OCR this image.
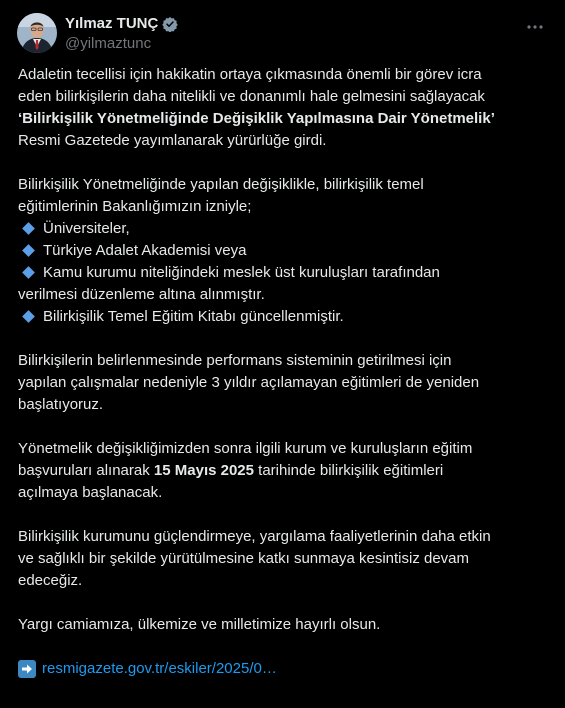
Yılmaz TUNÇ
@yilmaztunc

Adaletin tecellisi için hakikatin ortaya çıkmasında önemli bir görev icra

eden bilirkişilerin daha nitelikli ve donanımlı hale gelmesini sağlayacak

‘Bilirkişilik Yönetmeliğinde Değişiklik Yapılmasına Dair Yönetmelik’

Resmi Gazetede yayımlanarak yürürlüğe girdi.

Bilirkişilik Yönetmeliğinde yapılan değişiklikle, bilirkişilik temel

eğitimlerinin Bakanlığımızın izniyle;

Üniversiteler,
Türkiye Adalet Akademisi veya
Kamu kurumu niteliğindeki meslek üst kuruluşları tarafından

verilmesi düzenleme altına alınmıştır.

Bilirkişilik Temel Eğitim Kitabı güncellenmiştir.

Bilirkişilerin belirlenmesinde performans sisteminin getirilmesi için

yapılan çalışmalar nedeniyle 3 yıldır açılamayan eğitimleri de yeniden

başlatıyoruz.

Yönetmelik değişikliğimizden sonra ilgili kurum ve kuruluşların eğitim

başvuruları alınarak 15 Mayıs 2025 tarihinde bilirkişilik eğitimleri

açılmaya başlanacak.

Bilirkişilik kurumunu güçlendirmeye, yargılama faaliyetlerinin daha etkin

ve sağlıklı bir şekilde yürütülmesine katkı sunmaya kesintisiz devam

edeceğiz.

Yargı camiamıza, ülkemize ve milletimize hayırlı olsun.

resmigazete.gov.tr/eskiler/2025/0…
